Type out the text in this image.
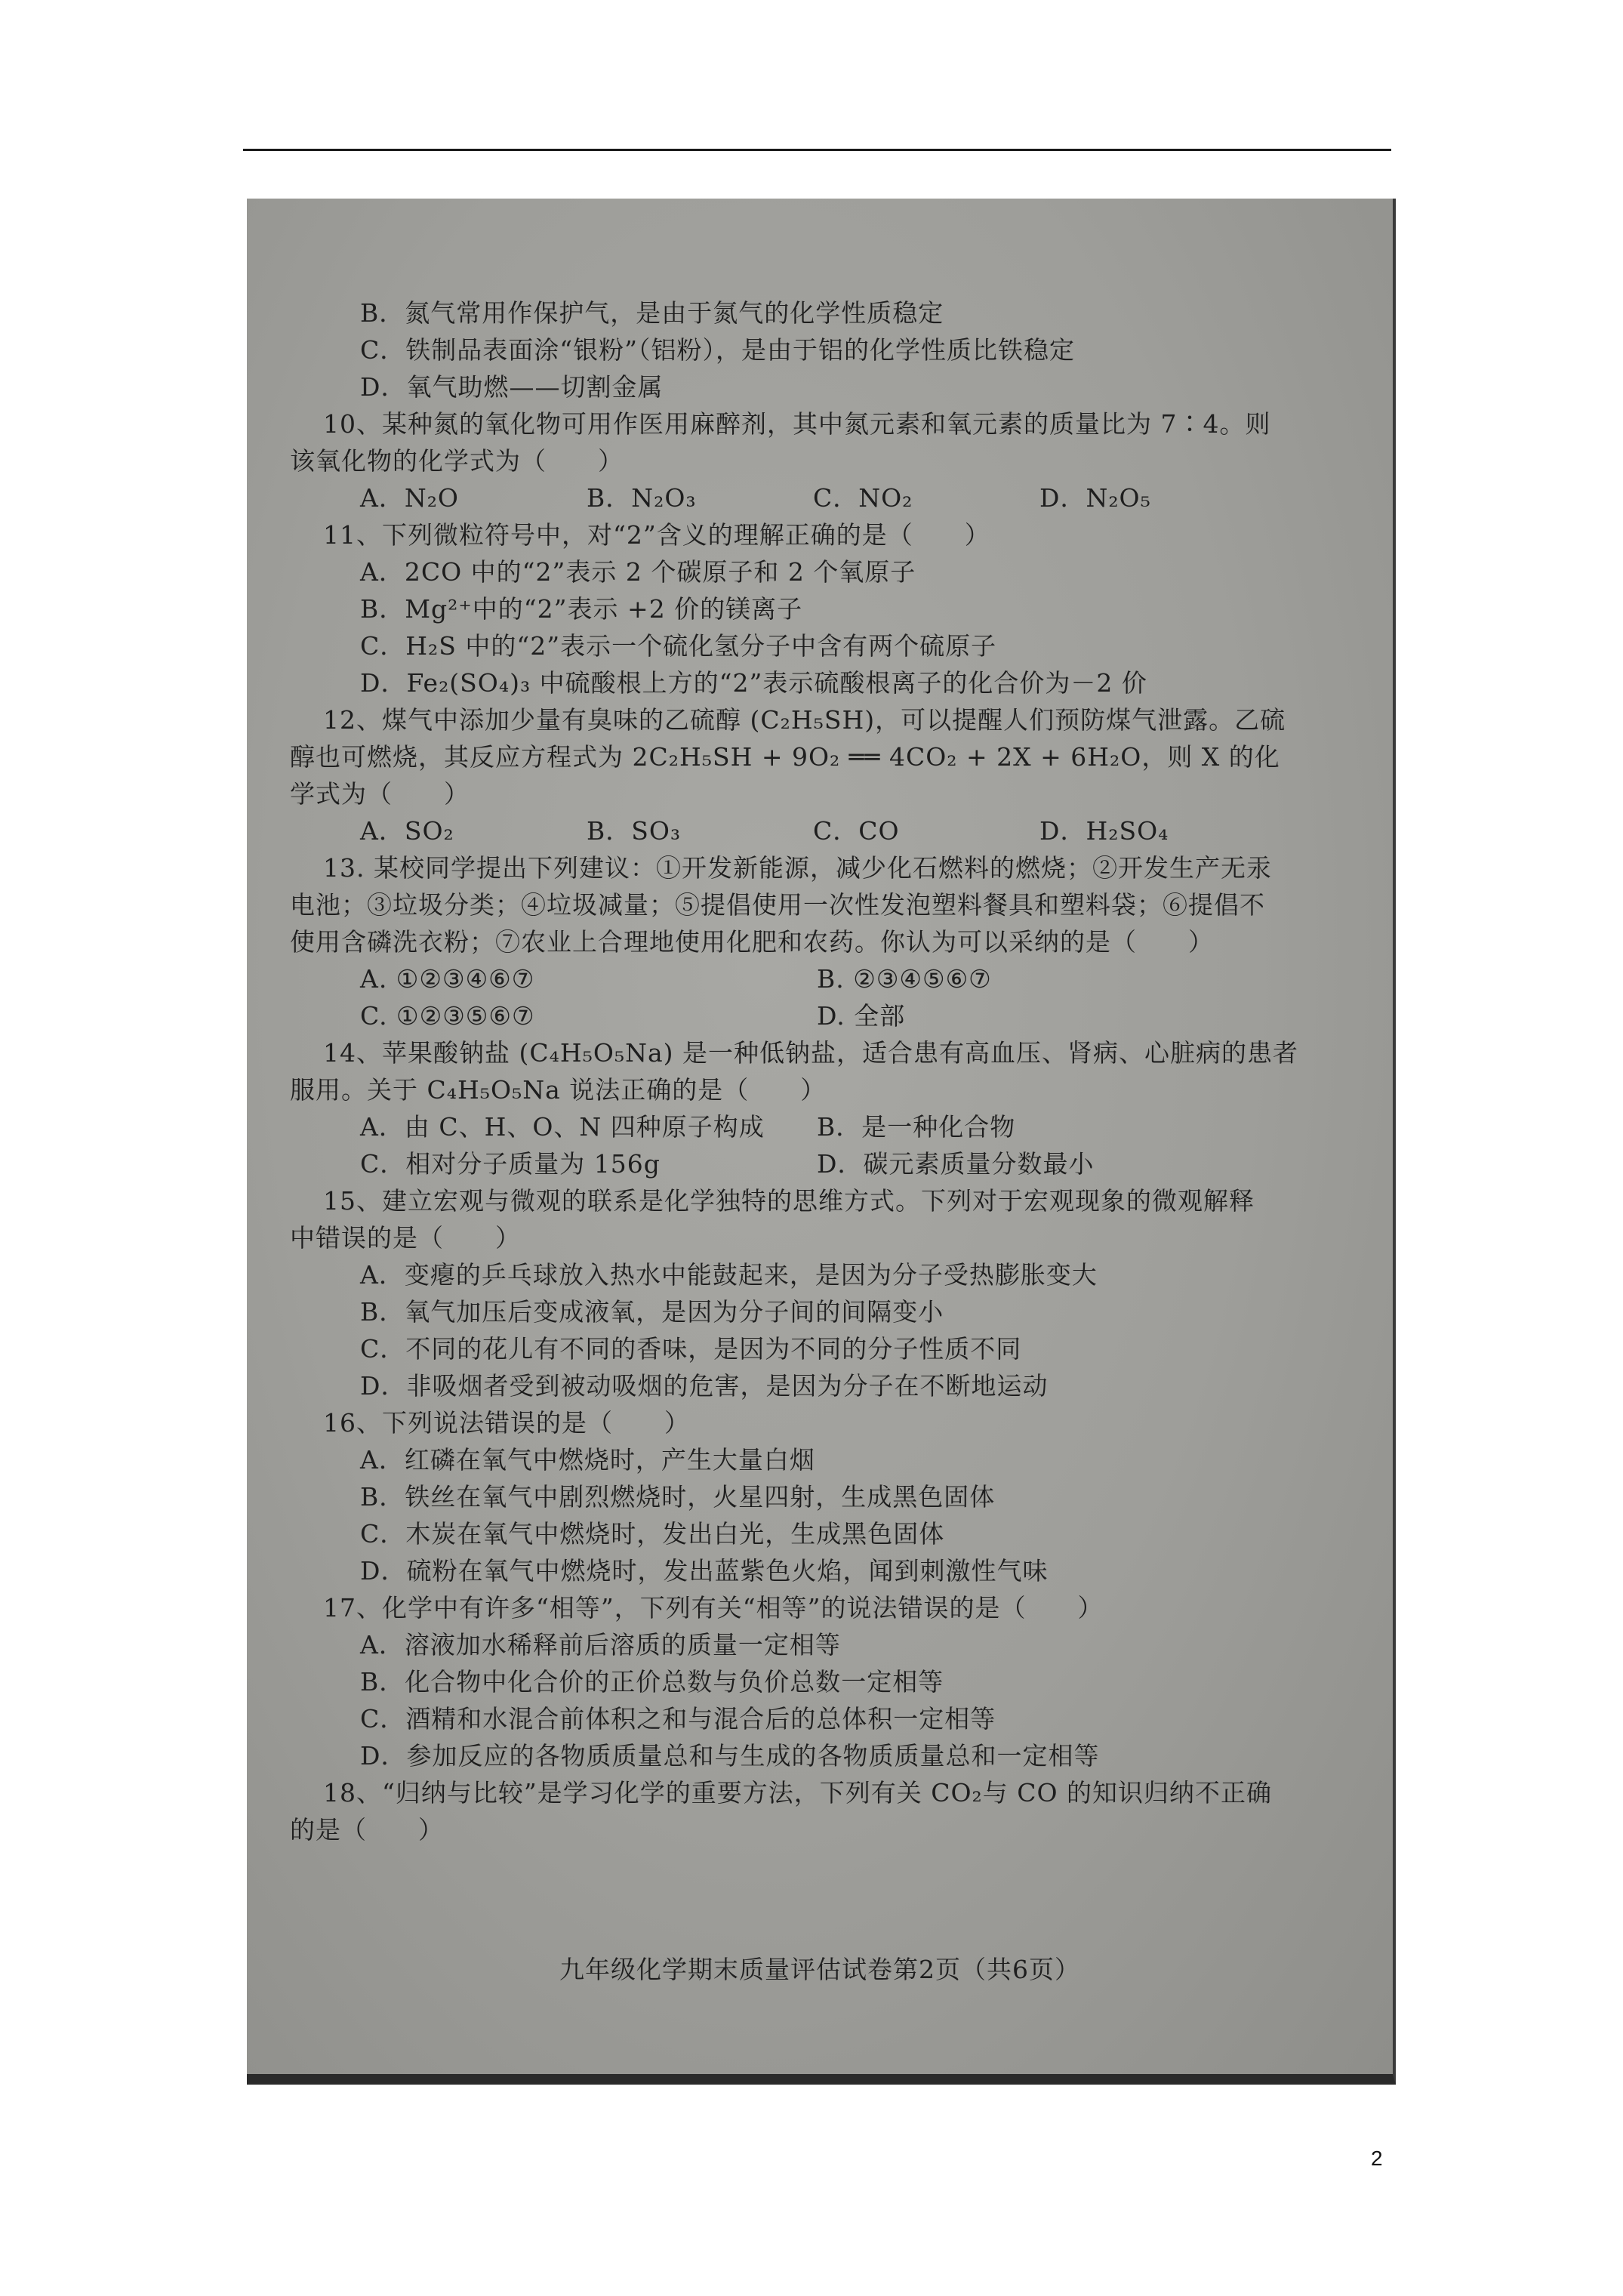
B．氮气常用作保护气，是由于氮气的化学性质稳定
C．铁制品表面涂“银粉”（铝粉），是由于铝的化学性质比铁稳定
D．氧气助燃——切割金属
10、某种氮的氧化物可用作医用麻醉剂，其中氮元素和氧元素的质量比为 7∶4。则
该氧化物的化学式为（　　）
A．N₂O	B．N₂O₃	C．NO₂	D．N₂O₅
11、下列微粒符号中，对“2”含义的理解正确的是（　　）
A．2CO 中的“2”表示 2 个碳原子和 2 个氧原子
B．Mg²⁺中的“2”表示 +2 价的镁离子
C．H₂S 中的“2”表示一个硫化氢分子中含有两个硫原子
D．Fe₂(SO₄)₃ 中硫酸根上方的“2”表示硫酸根离子的化合价为－2 价
12、煤气中添加少量有臭味的乙硫醇 (C₂H₅SH)，可以提醒人们预防煤气泄露。乙硫
醇也可燃烧，其反应方程式为 2C₂H₅SH + 9O₂ ══ 4CO₂ + 2X + 6H₂O，则 X 的化
学式为（　　）
A．SO₂	B．SO₃	C．CO	D．H₂SO₄
13. 某校同学提出下列建议：①开发新能源，减少化石燃料的燃烧；②开发生产无汞
电池；③垃圾分类；④垃圾减量；⑤提倡使用一次性发泡塑料餐具和塑料袋；⑥提倡不
使用含磷洗衣粉；⑦农业上合理地使用化肥和农药。你认为可以采纳的是（　　）
A. ①②③④⑥⑦	B. ②③④⑤⑥⑦
C. ①②③⑤⑥⑦	D. 全部
14、苹果酸钠盐 (C₄H₅O₅Na) 是一种低钠盐，适合患有高血压、肾病、心脏病的患者
服用。关于 C₄H₅O₅Na 说法正确的是（　　）
A．由 C、H、O、N 四种原子构成	B．是一种化合物
C．相对分子质量为 156g	D．碳元素质量分数最小
15、建立宏观与微观的联系是化学独特的思维方式。下列对于宏观现象的微观解释
中错误的是（　　）
A．变瘪的乒乓球放入热水中能鼓起来，是因为分子受热膨胀变大
B．氧气加压后变成液氧，是因为分子间的间隔变小
C．不同的花儿有不同的香味，是因为不同的分子性质不同
D．非吸烟者受到被动吸烟的危害，是因为分子在不断地运动
16、下列说法错误的是（　　）
A．红磷在氧气中燃烧时，产生大量白烟
B．铁丝在氧气中剧烈燃烧时，火星四射，生成黑色固体
C．木炭在氧气中燃烧时，发出白光，生成黑色固体
D．硫粉在氧气中燃烧时，发出蓝紫色火焰，闻到刺激性气味
17、化学中有许多“相等”，下列有关“相等”的说法错误的是（　　）
A．溶液加水稀释前后溶质的质量一定相等
B．化合物中化合价的正价总数与负价总数一定相等
C．酒精和水混合前体积之和与混合后的总体积一定相等
D．参加反应的各物质质量总和与生成的各物质质量总和一定相等
18、“归纳与比较”是学习化学的重要方法，下列有关 CO₂与 CO 的知识归纳不正确
的是（　　）
九年级化学期末质量评估试卷第2页（共6页）
2
